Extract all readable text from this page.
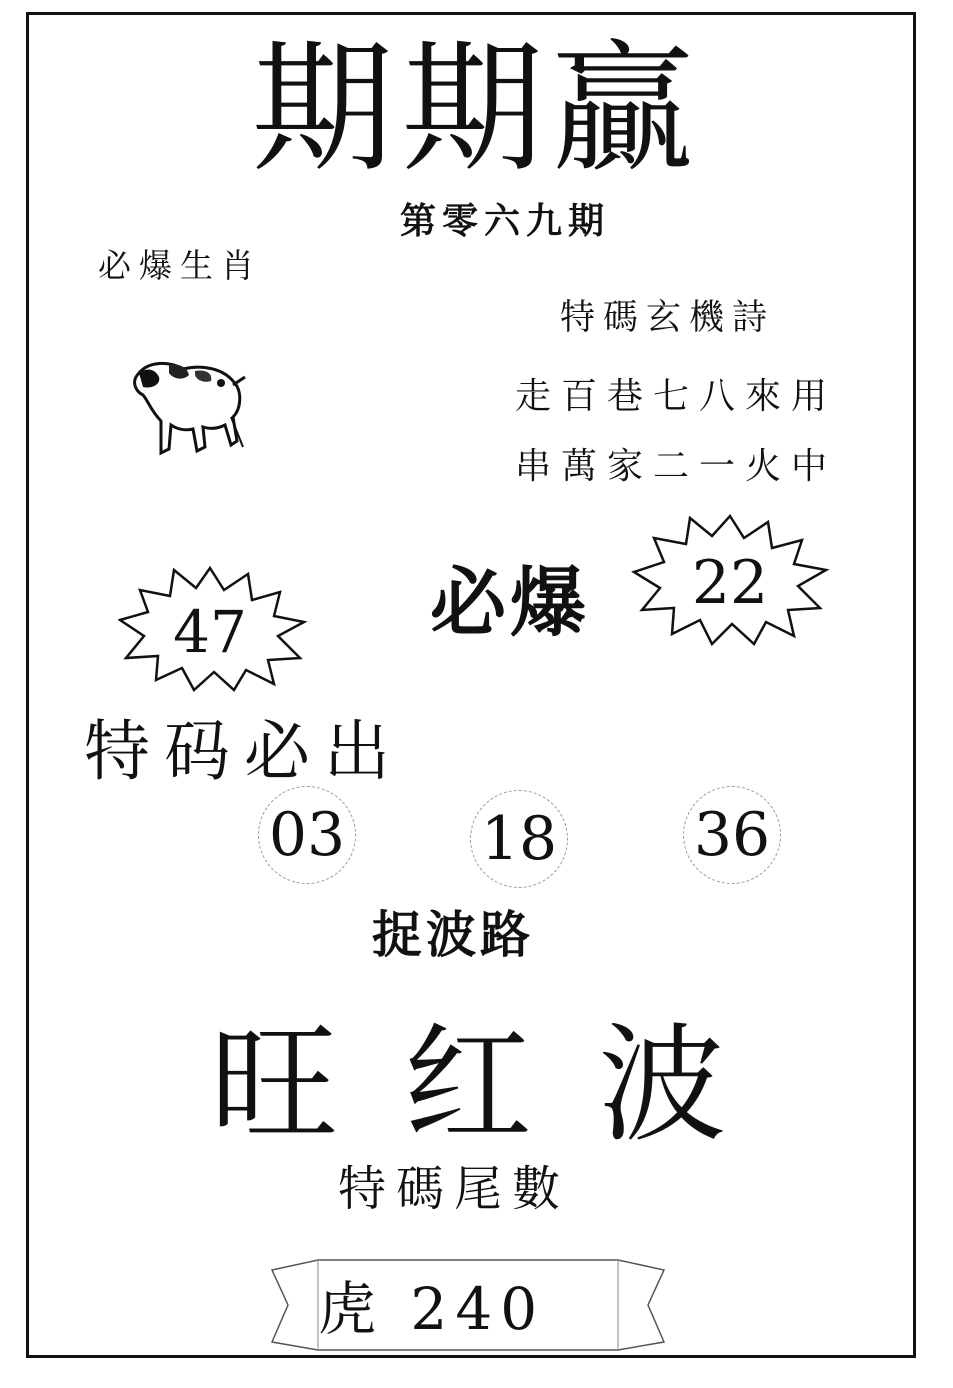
期期贏
第零六九期
必爆生肖
特碼玄機詩
走百巷七八來用
串萬家二一火中
必爆 22
47
特码必出
03 18 36
捉波路
旺 红 波
特碼尾數
虎 240
